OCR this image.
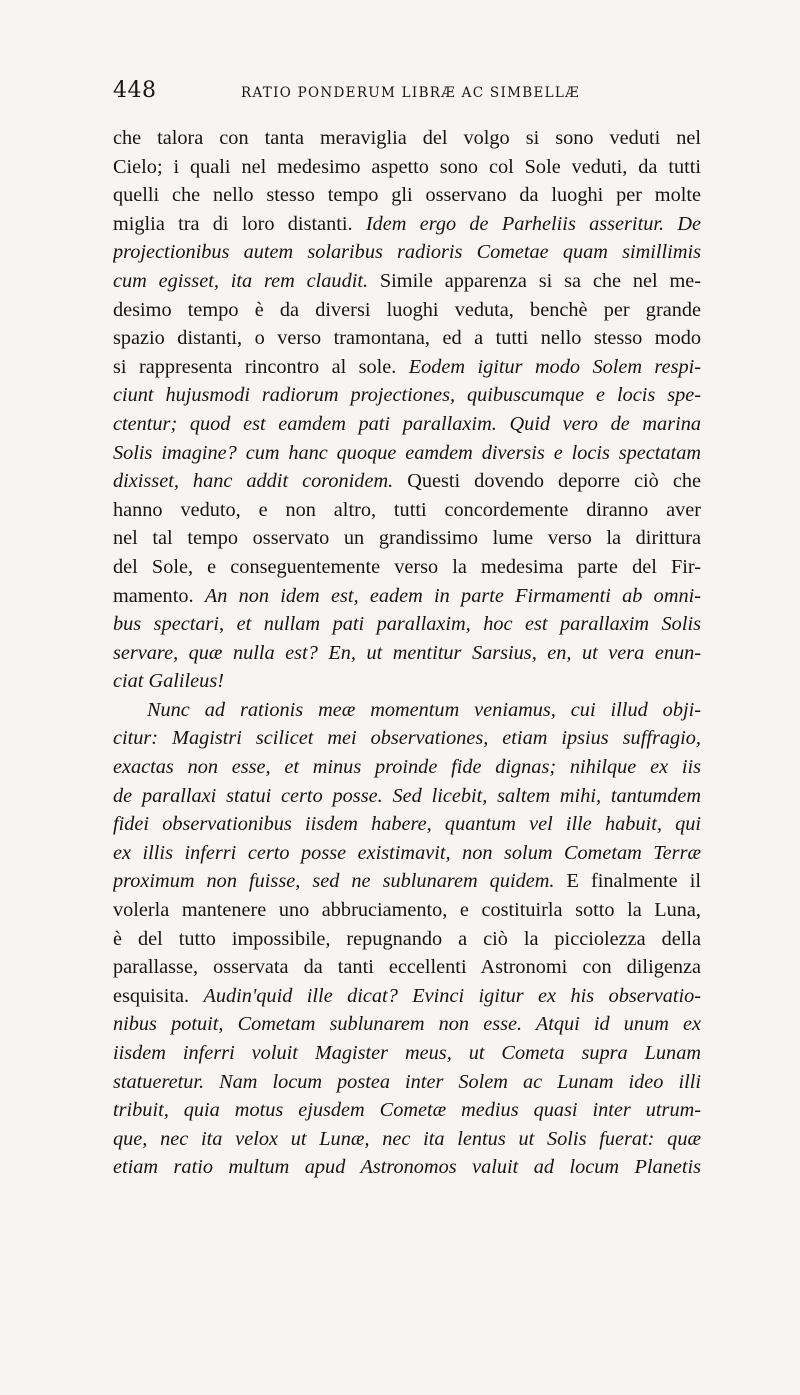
448	RATIO PONDERUM LIBRÆ AC SIMBELLÆ
che talora con tanta meraviglia del volgo si sono veduti nel
Cielo; i quali nel medesimo aspetto sono col Sole veduti, da tutti
quelli che nello stesso tempo gli osservano da luoghi per molte
miglia tra di loro distanti. Idem ergo de Parheliis asseritur. De
projectionibus autem solaribus radioris Cometae quam simillimis
cum egisset, ita rem claudit. Simile apparenza si sa che nel me-
desimo tempo è da diversi luoghi veduta, benchè per grande
spazio distanti, o verso tramontana, ed a tutti nello stesso modo
si rappresenta rincontro al sole. Eodem igitur modo Solem respi-
ciunt hujusmodi radiorum projectiones, quibuscumque e locis spe-
ctentur; quod est eamdem pati parallaxim. Quid vero de marina
Solis imagine? cum hanc quoque eamdem diversis e locis spectatam
dixisset, hanc addit coronidem. Questi dovendo deporre ciò che
hanno veduto, e non altro, tutti concordemente diranno aver
nel tal tempo osservato un grandissimo lume verso la dirittura
del Sole, e conseguentemente verso la medesima parte del Fir-
mamento. An non idem est, eadem in parte Firmamenti ab omni-
bus spectari, et nullam pati parallaxim, hoc est parallaxim Solis
servare, quæ nulla est? En, ut mentitur Sarsius, en, ut vera enun-
ciat Galileus!
Nunc ad rationis meæ momentum veniamus, cui illud obji-
citur: Magistri scilicet mei observationes, etiam ipsius suffragio,
exactas non esse, et minus proinde fide dignas; nihilque ex iis
de parallaxi statui certo posse. Sed licebit, saltem mihi, tantumdem
fidei observationibus iisdem habere, quantum vel ille habuit, qui
ex illis inferri certo posse existimavit, non solum Cometam Terræ
proximum non fuisse, sed ne sublunarem quidem. E finalmente il
volerla mantenere uno abbruciamento, e costituirla sotto la Luna,
è del tutto impossibile, repugnando a ciò la picciolezza della
parallasse, osservata da tanti eccellenti Astronomi con diligenza
esquisita. Audin'quid ille dicat? Evinci igitur ex his observatio-
nibus potuit, Cometam sublunarem non esse. Atqui id unum ex
iisdem inferri voluit Magister meus, ut Cometa supra Lunam
statueretur. Nam locum postea inter Solem ac Lunam ideo illi
tribuit, quia motus ejusdem Cometæ medius quasi inter utrum-
que, nec ita velox ut Lunæ, nec ita lentus ut Solis fuerat: quæ
etiam ratio multum apud Astronomos valuit ad locum Planetis
